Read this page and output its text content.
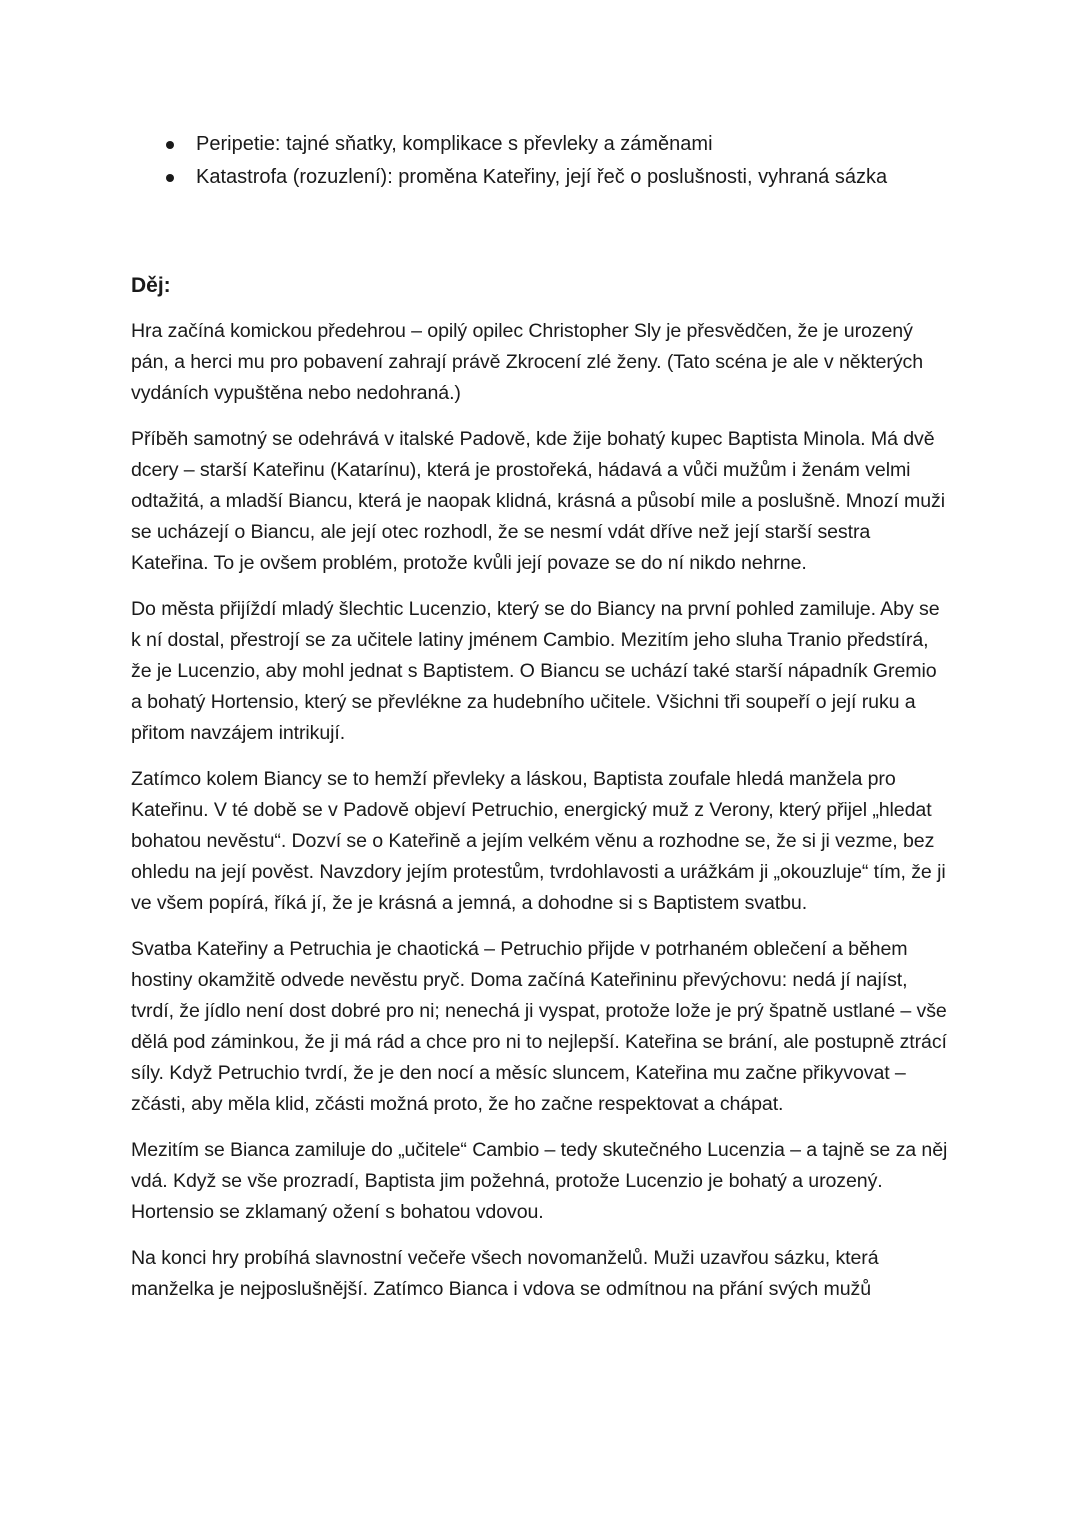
Peripetie: tajné sňatky, komplikace s převleky a záměnami
Katastrofa (rozuzlení): proměna Kateřiny, její řeč o poslušnosti, vyhraná sázka
Děj:

Hra začíná komickou předehrou – opilý opilec Christopher Sly je přesvědčen, že je urozený pán, a herci mu pro pobavení zahrají právě Zkrocení zlé ženy. (Tato scéna je ale v některých vydáních vypuštěna nebo nedohraná.)

Příběh samotný se odehrává v italské Padově, kde žije bohatý kupec Baptista Minola. Má dvě dcery – starší Kateřinu (Katarínu), která je prostořeká, hádavá a vůči mužům i ženám velmi odtažitá, a mladší Biancu, která je naopak klidná, krásná a působí mile a poslušně. Mnozí muži se ucházejí o Biancu, ale její otec rozhodl, že se nesmí vdát dříve než její starší sestra Kateřina. To je ovšem problém, protože kvůli její povaze se do ní nikdo nehrne.

Do města přijíždí mladý šlechtic Lucenzio, který se do Biancy na první pohled zamiluje. Aby se k ní dostal, přestrojí se za učitele latiny jménem Cambio. Mezitím jeho sluha Tranio předstírá, že je Lucenzio, aby mohl jednat s Baptistem. O Biancu se uchází také starší nápadník Gremio a bohatý Hortensio, který se převlékne za hudebního učitele. Všichni tři soupeří o její ruku a přitom navzájem intrikují.

Zatímco kolem Biancy se to hemží převleky a láskou, Baptista zoufale hledá manžela pro Kateřinu. V té době se v Padově objeví Petruchio, energický muž z Verony, který přijel „hledat bohatou nevěstu“. Dozví se o Kateřině a jejím velkém věnu a rozhodne se, že si ji vezme, bez ohledu na její pověst. Navzdory jejím protestům, tvrdohlavosti a urážkám ji „okouzluje“ tím, že ji ve všem popírá, říká jí, že je krásná a jemná, a dohodne si s Baptistem svatbu.

Svatba Kateřiny a Petruchia je chaotická – Petruchio přijde v potrhaném oblečení a během hostiny okamžitě odvede nevěstu pryč. Doma začíná Kateřininu převýchovu: nedá jí najíst, tvrdí, že jídlo není dost dobré pro ni; nenechá ji vyspat, protože lože je prý špatně ustlané – vše dělá pod záminkou, že ji má rád a chce pro ni to nejlepší. Kateřina se brání, ale postupně ztrácí síly. Když Petruchio tvrdí, že je den nocí a měsíc sluncem, Kateřina mu začne přikyvovat – zčásti, aby měla klid, zčásti možná proto, že ho začne respektovat a chápat.

Mezitím se Bianca zamiluje do „učitele“ Cambio – tedy skutečného Lucenzia – a tajně se za něj vdá. Když se vše prozradí, Baptista jim požehná, protože Lucenzio je bohatý a urozený. Hortensio se zklamaný ožení s bohatou vdovou.

Na konci hry probíhá slavnostní večeře všech novomanželů. Muži uzavřou sázku, která manželka je nejposlušnější. Zatímco Bianca i vdova se odmítnou na přání svých mužů
